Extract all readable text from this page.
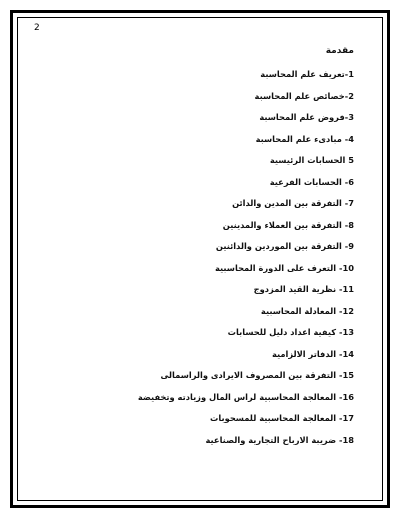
2
مقدمة
1-تعريف علم المحاسبة
2-خصائص علم المحاسبة
3-فروض علم المحاسبة
4- مبادىء علم المحاسبة
5 الحسابات الرئيسية
6- الحسابات الفرعية
7- التفرقة بين المدين والدائن
8- التفرقة بين العملاء والمدينين
9- التفرقة بين الموردين والدائنين
10- التعرف على الدورة المحاسبية
11- نظرية القيد المزدوج
12- المعادلة المحاسبية
13- كيفية اعداد دليل للحسابات
14- الدفاتر الالزامية
15- التفرقة بين المصروف الايرادى والراسمالى
16- المعالجة المحاسبية لراس المال وزيادته وتخفيضة
17- المعالجة المحاسبية للمسحوبات
18- ضريبة الارباح التجارية والصناعية
